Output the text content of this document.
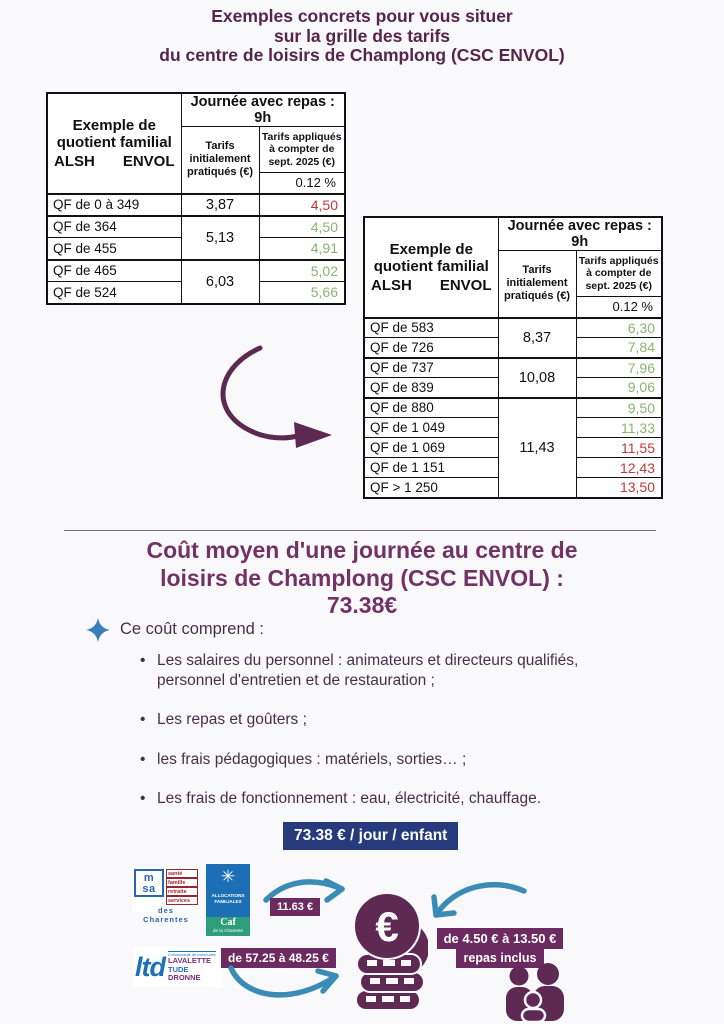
Exemples concrets pour vous situer
sur la grille des tarifs
du centre de loisirs de Champlong (CSC ENVOL)
Exemple de
quotient familial
ALSH ENVOL	Journée avec repas : 9h	
	Tarifs initialement pratiqués (€)	Tarifs appliqués à compter de sept. 2025 (€)
		0.12 %
QF de 0 à 349	3,87	4,50
QF de 364	5,13	4,50
QF de 455		4,91
QF de 465	6,03	5,02
QF de 524		5,66
Exemple de
quotient familial
ALSH ENVOL	Journée avec repas : 9h	
	Tarifs initialement pratiqués (€)	Tarifs appliqués à compter de sept. 2025 (€)
		0.12 %
QF de 583	8,37	6,30
QF de 726		7,84
QF de 737	10,08	7,96
QF de 839		9,06
QF de 880	11,43	9,50
QF de 1 049		11,33
QF de 1 069		11,55
QF de 1 151		12,43
QF > 1 250		13,50
Coût moyen d'une journée au centre de
loisirs de Champlong (CSC ENVOL) :
73.38€
Ce coût comprend :
• Les salaires du personnel : animateurs et directeurs qualifiés, personnel d'entretien et de restauration ;
• Les repas et goûters ;
• les frais pédagogiques : matériels, sorties… ;
• Les frais de fonctionnement : eau, électricité, chauffage.
73.38 € / jour / enfant
m
sa
santé
famille
retraite
services
des Charentes
✳
ALLOCATIONS FAMILIALES
Caf
de la Charente
11.63 € €	de 4.50 € à 13.50 €
repas inclus
ltd Communauté de communes
LAVALETTE
TUDE
DRONNE
de 57.25 à 48.25 €
